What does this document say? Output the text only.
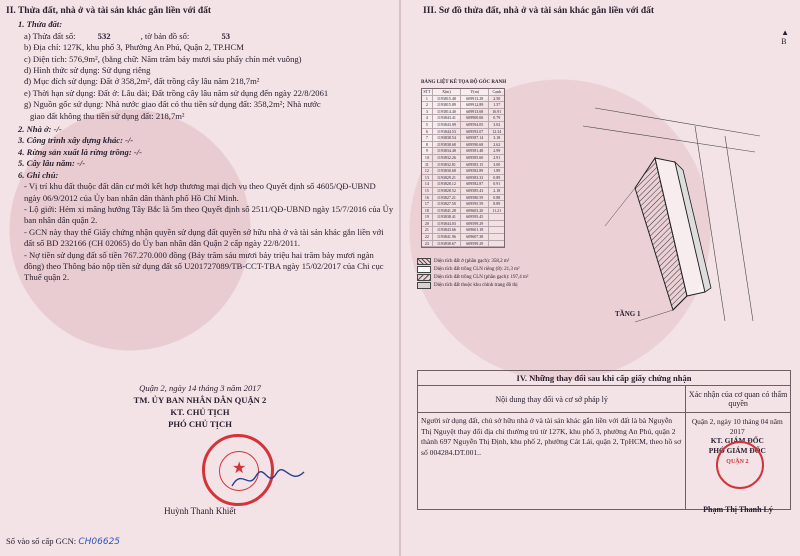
II. Thửa đất, nhà ở và tài sản khác gắn liền với đất
1. Thửa đất:
a) Thửa đất số:	532	, tờ bản đồ số:	53
b) Địa chỉ: 127K, khu phố 3, Phường An Phú, Quận 2, TP.HCM
c) Diện tích: 576,9m², (bằng chữ: Năm trăm bảy mươi sáu phẩy chín mét vuông)
d) Hình thức sử dụng: Sử dụng riêng
đ) Mục đích sử dụng: Đất ở 358,2m², đất trồng cây lâu năm 218,7m²
e) Thời hạn sử dụng: Đất ở: Lâu dài; Đất trồng cây lâu năm sử dụng đến ngày 22/8/2061
g) Nguồn gốc sử dụng: Nhà nước giao đất có thu tiền sử dụng đất: 358,2m²; Nhà nước
giao đất không thu tiền sử dụng đất: 218,7m²
2. Nhà ở: -/-
3. Công trình xây dựng khác: -/-
4. Rừng sản xuất là rừng trồng: -/-
5. Cây lâu năm: -/-
6. Ghi chú:
- Vị trí khu đất thuộc đất dân cư mới kết hợp thương mại dịch vụ theo Quyết định số 4605/QĐ-UBND ngày 06/9/2012 của Ủy ban nhân dân thành phố Hồ Chí Minh.
- Lộ giới: Hẻm xi măng hướng Tây Bắc là 5m theo Quyết định số 2511/QĐ-UBND ngày 15/7/2016 của Ủy ban nhân dân quận 2.
- GCN này thay thế Giấy chứng nhận quyền sử dụng đất quyền sở hữu nhà ở và tài sản khác gắn liền với đất số BD 232166 (CH 02065) do Ủy ban nhân dân Quận 2 cấp ngày 22/8/2011.
- Nợ tiền sử dụng đất số tiền 767.270.000 đồng (Bảy trăm sáu mươi bảy triệu hai trăm bảy mươi ngàn đồng) theo Thông báo nộp tiền sử dụng đất số U201727089/TB-CCT-TBA ngày 15/02/2017 của Chi cục Thuế quận 2.
Quận 2, ngày 14 tháng 3 năm 2017
TM. ỦY BAN NHÂN DÂN QUẬN 2
KT. CHỦ TỊCH
PHÓ CHỦ TỊCH
★
Huỳnh Thanh Khiết
Số vào sổ cấp GCN: CH06625
III. Sơ đồ thửa đất, nhà ở và tài sản khác gắn liền với đất
▲
B
BẢNG LIỆT KÊ TỌA ĐỘ GÓC RANH
STT	X(m)	Y(m)	Cạnh
1	1193815.48	609913.28	2.50
2	1193815.89	609912.89	1.57
3	1193814.40	609913.68	16.91
4	1193843.41	609900.06	0.79
5	1193843.99	609594.05	3.02
6	1193844.53	609593.07	12.34
7	1193838.54	609587.14	3.18
8	1193838.68	609590.68	2.62
9	1193834.48	609581.48	2.99
10	1193832.26	609585.60	2.91
11	1193832.81	609583.15	3.00
12	1193830.68	609582.89	1.89
13	1193829.21	609583.33	0.89
14	1193828.12	609582.87	0.91
15	1193828.52	609585.43	2.18
16	1193827.21	609580.59	0.88
17	1193827.50	609595.59	8.89
18	1193841.28	609603.20	11.21
19	1193838.41	609595.45
20	1193844.03	609599.29
21	1193843.66	609601.18
22	1193841.96	609607.38
23	1193838.67	609599.29
Diện tích đất ở (phần gạch): 358,2 m²
Diện tích đất trồng CLN riêng (8): 21,3 m²
Diện tích đất trồng CLN (phần gạch): 197,4 m²
Diện tích đất thuộc khu chỉnh trang đô thị
TẦNG 1
IV. Những thay đổi sau khi cấp giấy chứng nhận
Nội dung thay đổi và cơ sở pháp lý	Xác nhận của cơ quan có thẩm quyền
Người sử dụng đất, chủ sở hữu nhà ở và tài sản khác gắn liền với đất là bà Nguyễn Thị Nguyệt thay đổi địa chỉ thường trú từ 127K, khu phố 3, phường An Phú, quận 2 thành 697 Nguyễn Thị Định, khu phố 2, phường Cát Lái, quận 2, TpHCM, theo hồ sơ số 004284.DT.001..
Quận 2, ngày 10 tháng 04 năm 2017
KT. GIÁM ĐỐC
PHÓ GIÁM ĐỐC
QUẬN 2
Phạm Thị Thanh Lý
